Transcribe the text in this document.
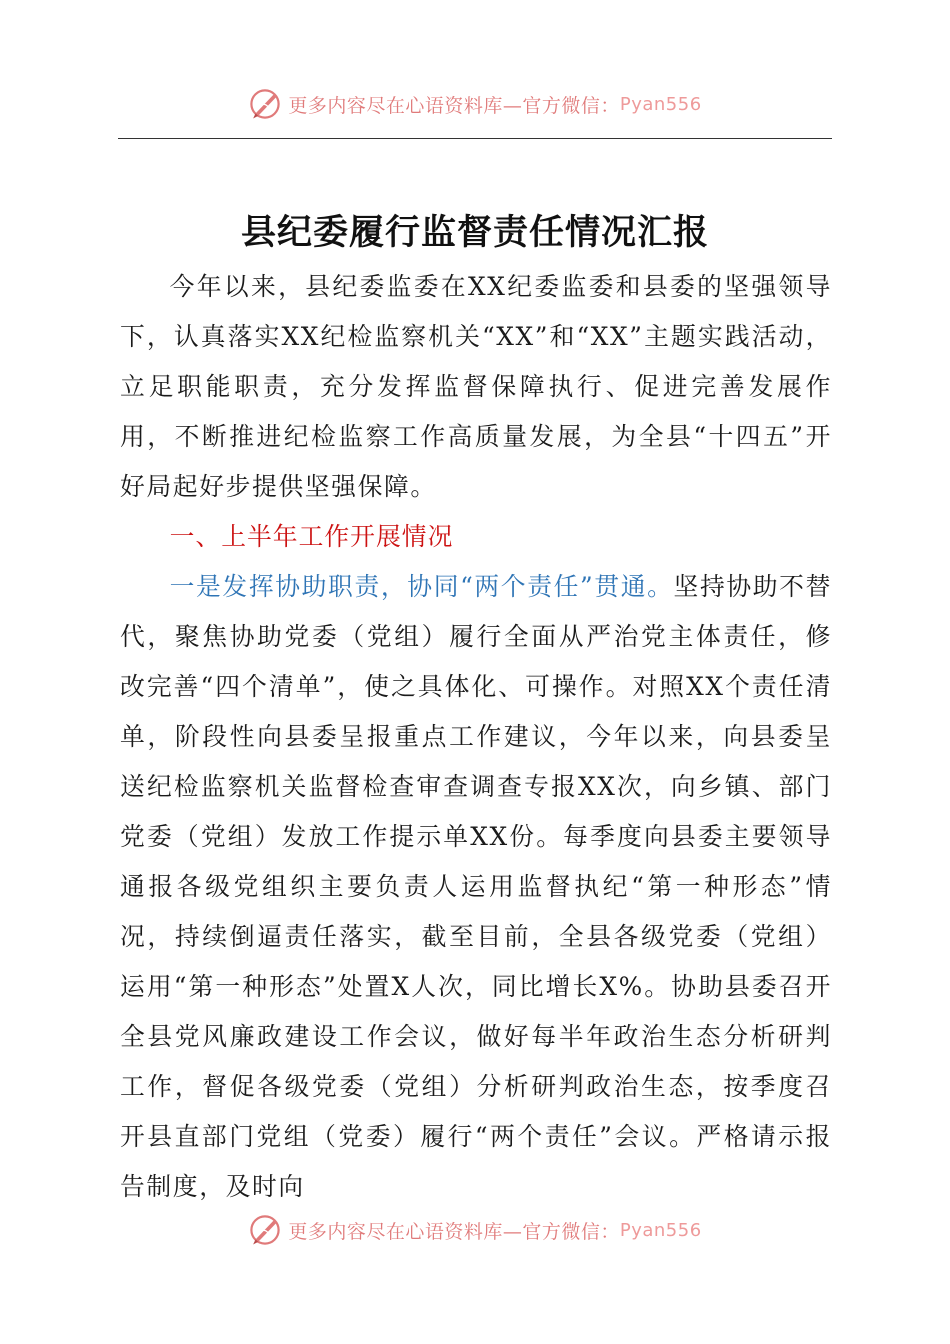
更多内容尽在心语资料库—官方微信： Pyan556
县纪委履行监督责任情况汇报

今年以来，县纪委监委在XX纪委监委和县委的坚强领导下，认真落实XX纪检监察机关“XX”和“XX”主题实践活动，立足职能职责，充分发挥监督保障执行、促进完善发展作用，不断推进纪检监察工作高质量发展，为全县“十四五”开好局起好步提供坚强保障。

一、上半年工作开展情况

一是发挥协助职责，协同“两个责任”贯通。坚持协助不替代，聚焦协助党委（党组）履行全面从严治党主体责任，修改完善“四个清单”，使之具体化、可操作。对照XX个责任清单，阶段性向县委呈报重点工作建议，今年以来，向县委呈送纪检监察机关监督检查审查调查专报XX次，向乡镇、部门党委（党组）发放工作提示单XX份。每季度向县委主要领导通报各级党组织主要负责人运用监督执纪“第一种形态”情况，持续倒逼责任落实，截至目前，全县各级党委（党组）运用“第一种形态”处置X人次，同比增长X%。协助县委召开全县党风廉政建设工作会议，做好每半年政治生态分析研判工作，督促各级党委（党组）分析研判政治生态，按季度召开县直部门党组（党委）履行“两个责任”会议。严格请示报告制度，及时向

更多内容尽在心语资料库—官方微信： Pyan556
